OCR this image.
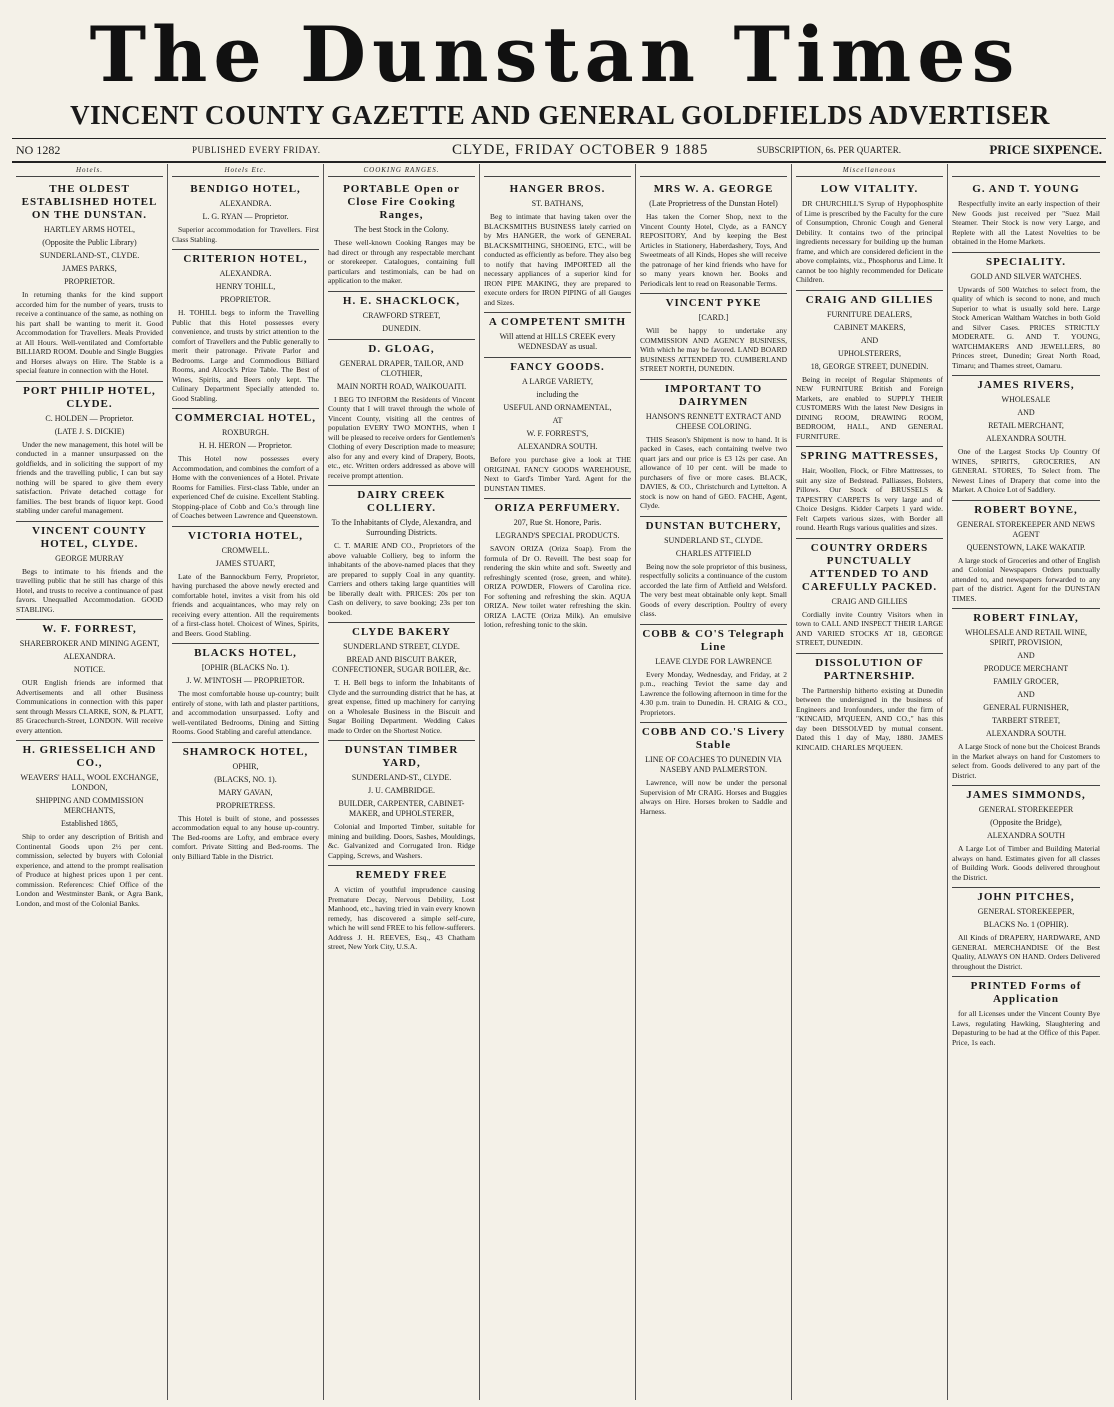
The Dunstan Times
VINCENT COUNTY GAZETTE AND GENERAL GOLDFIELDS ADVERTISER
NO 1282	PUBLISHED EVERY FRIDAY.	CLYDE, FRIDAY OCTOBER 9 1885	SUBSCRIPTION, 6s. PER QUARTER.	PRICE SIXPENCE.
Hotels.
THE OLDEST ESTABLISHED HOTEL ON THE DUNSTAN.
HARTLEY ARMS HOTEL,
(Opposite the Public Library)
SUNDERLAND-ST., CLYDE.
JAMES PARKS,
PROPRIETOR.
In returning thanks for the kind support accorded him for the number of years, trusts to receive a continuance of the same, as nothing on his part shall be wanting to merit it. Good Accommodation for Travellers. Meals Provided at All Hours. Well-ventilated and Comfortable BILLIARD ROOM. Double and Single Buggies and Horses always on Hire. The Stable is a special feature in connection with the Hotel.
PORT PHILIP HOTEL, CLYDE.
C. HOLDEN — Proprietor.
(LATE J. S. DICKIE)
Under the new management, this hotel will be conducted in a manner unsurpassed on the goldfields, and in soliciting the support of my friends and the travelling public, I can but say nothing will be spared to give them every satisfaction. Private detached cottage for families. The best brands of liquor kept. Good stabling under careful management.
VINCENT COUNTY HOTEL, CLYDE.
GEORGE MURRAY
Begs to intimate to his friends and the travelling public that he still has charge of this Hotel, and trusts to receive a continuance of past favors. Unequalled Accommodation. GOOD STABLING.
W. F. FORREST,
SHAREBROKER AND MINING AGENT,
ALEXANDRA.
NOTICE.
OUR English friends are informed that Advertisements and all other Business Communications in connection with this paper sent through Messrs CLARKE, SON, & PLATT, 85 Gracechurch-Street, LONDON. Will receive every attention.
H. GRIESSELICH AND CO.,
WEAVERS' HALL, WOOL EXCHANGE, LONDON,
SHIPPING AND COMMISSION MERCHANTS,
Established 1865,
Ship to order any description of British and Continental Goods upon 2½ per cent. commission, selected by buyers with Colonial experience, and attend to the prompt realisation of Produce at highest prices upon 1 per cent. commission. References: Chief Office of the London and Westminster Bank, or Agra Bank, London, and most of the Colonial Banks.
Hotels Etc.
BENDIGO HOTEL,
ALEXANDRA.
L. G. RYAN — Proprietor.
Superior accommodation for Travellers. First Class Stabling.
CRITERION HOTEL,
ALEXANDRA.
HENRY TOHILL,
PROPRIETOR.
H. TOHILL begs to inform the Travelling Public that this Hotel possesses every convenience, and trusts by strict attention to the comfort of Travellers and the Public generally to merit their patronage. Private Parlor and Bedrooms. Large and Commodious Billiard Rooms, and Alcock's Prize Table. The Best of Wines, Spirits, and Beers only kept. The Culinary Department Specially attended to. Good Stabling.
COMMERCIAL HOTEL,
ROXBURGH.
H. H. HERON — Proprietor.
This Hotel now possesses every Accommodation, and combines the comfort of a Home with the conveniences of a Hotel. Private Rooms for Families. First-class Table, under an experienced Chef de cuisine. Excellent Stabling. Stopping-place of Cobb and Co.'s through line of Coaches between Lawrence and Queenstown.
VICTORIA HOTEL,
CROMWELL.
JAMES STUART,
Late of the Bannockburn Ferry, Proprietor, having purchased the above newly erected and comfortable hotel, invites a visit from his old friends and acquaintances, who may rely on receiving every attention. All the requirements of a first-class hotel. Choicest of Wines, Spirits, and Beers. Good Stabling.
BLACKS HOTEL,
[OPHIR (BLACKS No. 1).
J. W. M'INTOSH — PROPRIETOR.
The most comfortable house up-country; built entirely of stone, with lath and plaster partitions, and accommodation unsurpassed. Lofty and well-ventilated Bedrooms, Dining and Sitting Rooms. Good Stabling and careful attendance.
SHAMROCK HOTEL,
OPHIR,
(BLACKS, NO. 1).
MARY GAVAN,
PROPRIETRESS.
This Hotel is built of stone, and possesses accommodation equal to any house up-country. The Bed-rooms are Lofty, and embrace every comfort. Private Sitting and Bed-rooms. The only Billiard Table in the District.
COOKING RANGES.
PORTABLE Open or Close Fire Cooking Ranges,
The best Stock in the Colony.
These well-known Cooking Ranges may be had direct or through any respectable merchant or storekeeper. Catalogues, containing full particulars and testimonials, can be had on application to the maker.
H. E. SHACKLOCK,
CRAWFORD STREET,
DUNEDIN.
D. GLOAG,
GENERAL DRAPER, TAILOR, AND CLOTHIER,
MAIN NORTH ROAD, WAIKOUAITI.
I BEG TO INFORM the Residents of Vincent County that I will travel through the whole of Vincent County, visiting all the centres of population EVERY TWO MONTHS, when I will be pleased to receive orders for Gentlemen's Clothing of every Description made to measure; also for any and every kind of Drapery, Boots, etc., etc. Written orders addressed as above will receive prompt attention.
DAIRY CREEK COLLIERY.
To the Inhabitants of Clyde, Alexandra, and Surrounding Districts.
C. T. MARIE AND CO., Proprietors of the above valuable Colliery, beg to inform the inhabitants of the above-named places that they are prepared to supply Coal in any quantity. Carriers and others taking large quantities will be liberally dealt with. PRICES: 20s per ton Cash on delivery, to save booking; 23s per ton booked.
CLYDE BAKERY
SUNDERLAND STREET, CLYDE.
BREAD AND BISCUIT BAKER, CONFECTIONER, SUGAR BOILER, &c.
T. H. Bell begs to inform the Inhabitants of Clyde and the surrounding district that he has, at great expense, fitted up machinery for carrying on a Wholesale Business in the Biscuit and Sugar Boiling Department. Wedding Cakes made to Order on the Shortest Notice.
DUNSTAN TIMBER YARD,
SUNDERLAND-ST., CLYDE.
J. U. CAMBRIDGE.
BUILDER, CARPENTER, CABINET-MAKER, and UPHOLSTERER,
Colonial and Imported Timber, suitable for mining and building. Doors, Sashes, Mouldings, &c. Galvanized and Corrugated Iron. Ridge Capping, Screws, and Washers.
REMEDY FREE
A victim of youthful imprudence causing Premature Decay, Nervous Debility, Lost Manhood, etc., having tried in vain every known remedy, has discovered a simple self-cure, which he will send FREE to his fellow-sufferers. Address J. H. REEVES, Esq., 43 Chatham street, New York City, U.S.A.
HANGER BROS.
ST. BATHANS,
Beg to intimate that having taken over the BLACKSMITHS BUSINESS lately carried on by Mrs HANGER, the work of GENERAL BLACKSMITHING, SHOEING, ETC., will be conducted as efficiently as before. They also beg to notify that having IMPORTED all the necessary appliances of a superior kind for IRON PIPE MAKING, they are prepared to execute orders for IRON PIPING of all Gauges and Sizes.
A COMPETENT SMITH
Will attend at HILLS CREEK every WEDNESDAY as usual.
FANCY GOODS.
A LARGE VARIETY,
including the
USEFUL AND ORNAMENTAL,
AT
W. F. FORREST'S,
ALEXANDRA SOUTH.
Before you purchase give a look at THE ORIGINAL FANCY GOODS WAREHOUSE, Next to Gard's Timber Yard. Agent for the DUNSTAN TIMES.
ORIZA PERFUMERY.
207, Rue St. Honore, Paris.
LEGRAND'S SPECIAL PRODUCTS.
SAVON ORIZA (Oriza Soap). From the formula of Dr O. Reveill. The best soap for rendering the skin white and soft. Sweetly and refreshingly scented (rose, green, and white). ORIZA POWDER, Flowers of Carolina rice. For softening and refreshing the skin. AQUA ORIZA. New toilet water refreshing the skin. ORIZA LACTE (Oriza Milk). An emulsive lotion, refreshing tonic to the skin.
MRS W. A. GEORGE
(Late Proprietress of the Dunstan Hotel)
Has taken the Corner Shop, next to the Vincent County Hotel, Clyde, as a FANCY REPOSITORY, And by keeping the Best Articles in Stationery, Haberdashery, Toys, And Sweetmeats of all Kinds, Hopes she will receive the patronage of her kind friends who have for so many years known her. Books and Periodicals lent to read on Reasonable Terms.
VINCENT PYKE
[CARD.]
Will be happy to undertake any COMMISSION AND AGENCY BUSINESS, With which he may be favored. LAND BOARD BUSINESS ATTENDED TO. CUMBERLAND STREET NORTH, DUNEDIN.
IMPORTANT TO DAIRYMEN
HANSON'S RENNETT EXTRACT AND CHEESE COLORING.
THIS Season's Shipment is now to hand. It is packed in Cases, each containing twelve two quart jars and our price is £3 12s per case. An allowance of 10 per cent. will be made to purchasers of five or more cases. BLACK, DAVIES, & CO., Christchurch and Lyttelton. A stock is now on hand of GEO. FACHE, Agent, Clyde.
DUNSTAN BUTCHERY,
SUNDERLAND ST., CLYDE.
CHARLES ATTFIELD
Being now the sole proprietor of this business, respectfully solicits a continuance of the custom accorded the late firm of Attfield and Welsford. The very best meat obtainable only kept. Small Goods of every description. Poultry of every class.
COBB & CO'S Telegraph Line
LEAVE CLYDE FOR LAWRENCE
Every Monday, Wednesday, and Friday, at 2 p.m., reaching Teviot the same day and Lawrence the following afternoon in time for the 4.30 p.m. train to Dunedin. H. CRAIG & CO., Proprietors.
COBB AND CO.'S Livery Stable
LINE OF COACHES TO DUNEDIN VIA NASEBY AND PALMERSTON.
Lawrence, will now be under the personal Supervision of Mr CRAIG. Horses and Buggies always on Hire. Horses broken to Saddle and Harness.
Miscellaneous
LOW VITALITY.
DR CHURCHILL'S Syrup of Hypophosphite of Lime is prescribed by the Faculty for the cure of Consumption, Chronic Cough and General Debility. It contains two of the principal ingredients necessary for building up the human frame, and which are considered deficient in the above complaints, viz., Phosphorus and Lime. It cannot be too highly recommended for Delicate Children.
CRAIG AND GILLIES
FURNITURE DEALERS,
CABINET MAKERS,
AND
UPHOLSTERERS,
18, GEORGE STREET, DUNEDIN.
Being in receipt of Regular Shipments of NEW FURNITURE British and Foreign Markets, are enabled to SUPPLY THEIR CUSTOMERS With the latest New Designs in DINING ROOM, DRAWING ROOM, BEDROOM, HALL, AND GENERAL FURNITURE.
SPRING MATTRESSES,
Hair, Woollen, Flock, or Fibre Mattresses, to suit any size of Bedstead. Palliasses, Bolsters, Pillows. Our Stock of BRUSSELS & TAPESTRY CARPETS Is very large and of Choice Designs. Kidder Carpets 1 yard wide. Felt Carpets various sizes, with Border all round. Hearth Rugs various qualities and sizes.
COUNTRY ORDERS PUNCTUALLY ATTENDED TO AND CAREFULLY PACKED.
CRAIG AND GILLIES
Cordially invite Country Visitors when in town to CALL AND INSPECT THEIR LARGE AND VARIED STOCKS AT 18, GEORGE STREET, DUNEDIN.
DISSOLUTION OF PARTNERSHIP.
The Partnership hitherto existing at Dunedin between the undersigned in the business of Engineers and Ironfounders, under the firm of "KINCAID, M'QUEEN, AND CO.," has this day been DISSOLVED by mutual consent. Dated this 1 day of May, 1880. JAMES KINCAID. CHARLES M'QUEEN.
G. AND T. YOUNG
Respectfully invite an early inspection of their New Goods just received per "Suez Mail Steamer. Their Stock is now very Large, and Replete with all the Latest Novelties to be obtained in the Home Markets.
SPECIALITY.
GOLD AND SILVER WATCHES.
Upwards of 500 Watches to select from, the quality of which is second to none, and much Superior to what is usually sold here. Large Stock American Waltham Watches in both Gold and Silver Cases. PRICES STRICTLY MODERATE. G. AND T. YOUNG, WATCHMAKERS AND JEWELLERS, 80 Princes street, Dunedin; Great North Road, Timaru; and Thames street, Oamaru.
JAMES RIVERS,
WHOLESALE
AND
RETAIL MERCHANT,
ALEXANDRA SOUTH.
One of the Largest Stocks Up Country Of WINES, SPIRITS, GROCERIES, AN GENERAL STORES, To Select from. The Newest Lines of Drapery that come into the Market. A Choice Lot of Saddlery.
ROBERT BOYNE,
GENERAL STOREKEEPER AND NEWS AGENT
QUEENSTOWN, LAKE WAKATIP.
A large stock of Groceries and other of English and Colonial Newspapers Orders punctually attended to, and newspapers forwarded to any part of the district. Agent for the DUNSTAN TIMES.
ROBERT FINLAY,
WHOLESALE AND RETAIL WINE, SPIRIT, PROVISION,
AND
PRODUCE MERCHANT
FAMILY GROCER,
AND
GENERAL FURNISHER,
TARBERT STREET,
ALEXANDRA SOUTH.
A Large Stock of none but the Choicest Brands in the Market always on hand for Customers to select from. Goods delivered to any part of the District.
JAMES SIMMONDS,
GENERAL STOREKEEPER
(Opposite the Bridge),
ALEXANDRA SOUTH
A Large Lot of Timber and Building Material always on hand. Estimates given for all classes of Building Work. Goods delivered throughout the District.
JOHN PITCHES,
GENERAL STOREKEEPER,
BLACKS No. 1 (OPHIR).
All Kinds of DRAPERY, HARDWARE, AND GENERAL MERCHANDISE Of the Best Quality, ALWAYS ON HAND. Orders Delivered throughout the District.
PRINTED Forms of Application
for all Licenses under the Vincent County Bye Laws, regulating Hawking, Slaughtering and Depasturing to be had at the Office of this Paper. Price, 1s each.
